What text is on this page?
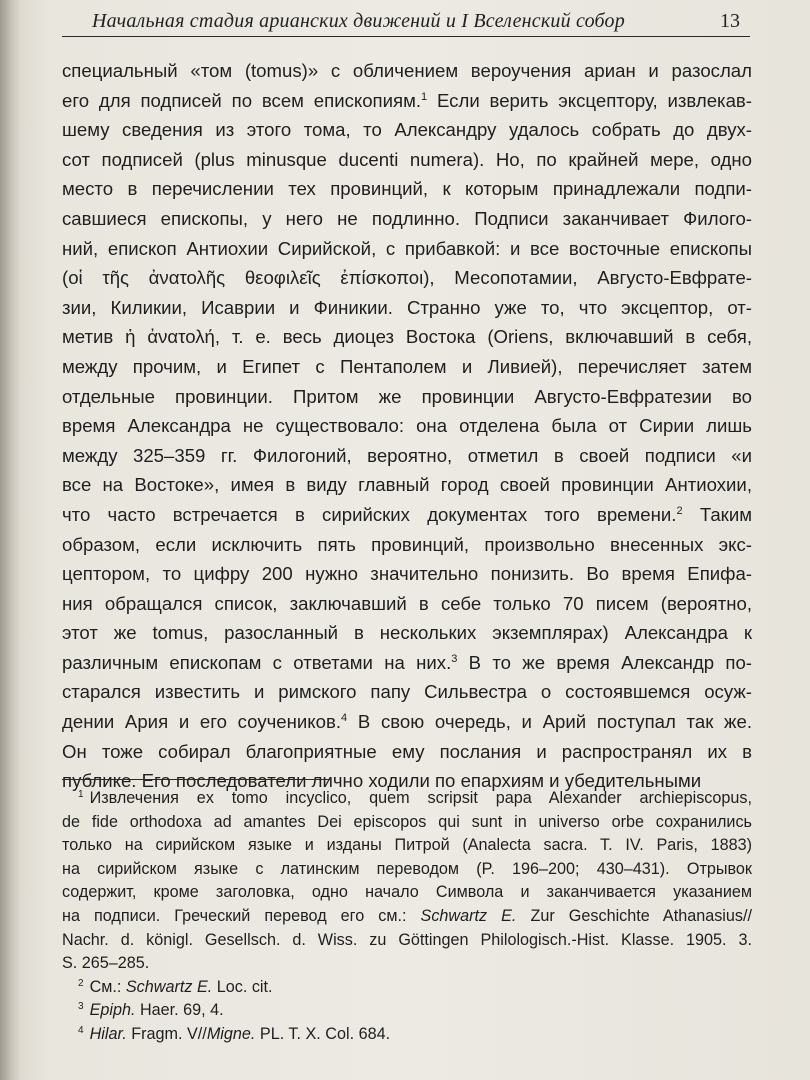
Начальная стадия арианских движений и I Вселенский собор	13
специальный «том (tomus)» с обличением вероучения ариан и разослал
его для подписей по всем епископиям.$^1$ Если верить эксцептору, извлекав-
шему сведения из этого тома, то Александру удалось собрать до двух-
сот подписей (plus minusque ducenti numera). Но, по крайней мере, одно
место в перечислении тех провинций, к которым принадлежали подпи-
савшиеся епископы, у него не подлинно. Подписи заканчивает Филого-
ний, епископ Антиохии Сирийской, с прибавкой: и все восточные епископы
(οἱ τῆς ἀνατολῆς θεοφιλεῖς ἐπίσκοποι), Месопотамии, Августо-Евфрате-
зии, Киликии, Исаврии и Финикии. Странно уже то, что эксцептор, от-
метив ἡ ἀνατολή, т. е. весь диоцез Востока (Oriens, включавший в себя,
между прочим, и Египет с Пентаполем и Ливией), перечисляет затем
отдельные провинции. Притом же провинции Августо-Евфратезии во
время Александра не существовало: она отделена была от Сирии лишь
между 325–359 гг. Филогоний, вероятно, отметил в своей подписи «и
все на Востоке», имея в виду главный город своей провинции Антиохии,
что часто встречается в сирийских документах того времени.$^2$ Таким
образом, если исключить пять провинций, произвольно внесенных экс-
цептором, то цифру 200 нужно значительно понизить. Во время Епифа-
ния обращался список, заключавший в себе только 70 писем (вероятно,
этот же tomus, разосланный в нескольких экземплярах) Александра к
различным епископам с ответами на них.$^3$ В то же время Александр по-
старался известить и римского папу Сильвестра о состоявшемся осуж-
дении Ария и его соучеников.$^4$ В свою очередь, и Арий поступал так же.
Он тоже собирал благоприятные ему послания и распространял их в
публике. Его последователи лично ходили по епархиям и убедительными
$^1$ Извлечения ex tomo incyclico, quem scripsit papa Alexander archiepiscopus,
de fide orthodoxa ad amantes Dei episcopos qui sunt in universo orbe сохранились
только на сирийском языке и изданы Питрой (Analecta sacra. T. IV. Paris, 1883)
на сирийском языке с латинским переводом (P. 196–200; 430–431). Отрывок
содержит, кроме заголовка, одно начало Символа и заканчивается указанием
на подписи. Греческий перевод его см.: Schwartz E. Zur Geschichte Athanasius//
Nachr. d. königl. Gesellsch. d. Wiss. zu Göttingen Philologisch.-Hist. Klasse. 1905. 3.
S. 265–285.
$^2$ См.: Schwartz E. Loc. cit.
$^3$ Epiph. Haer. 69, 4.
$^4$ Hilar. Fragm. V//Migne. PL. T. X. Col. 684.
